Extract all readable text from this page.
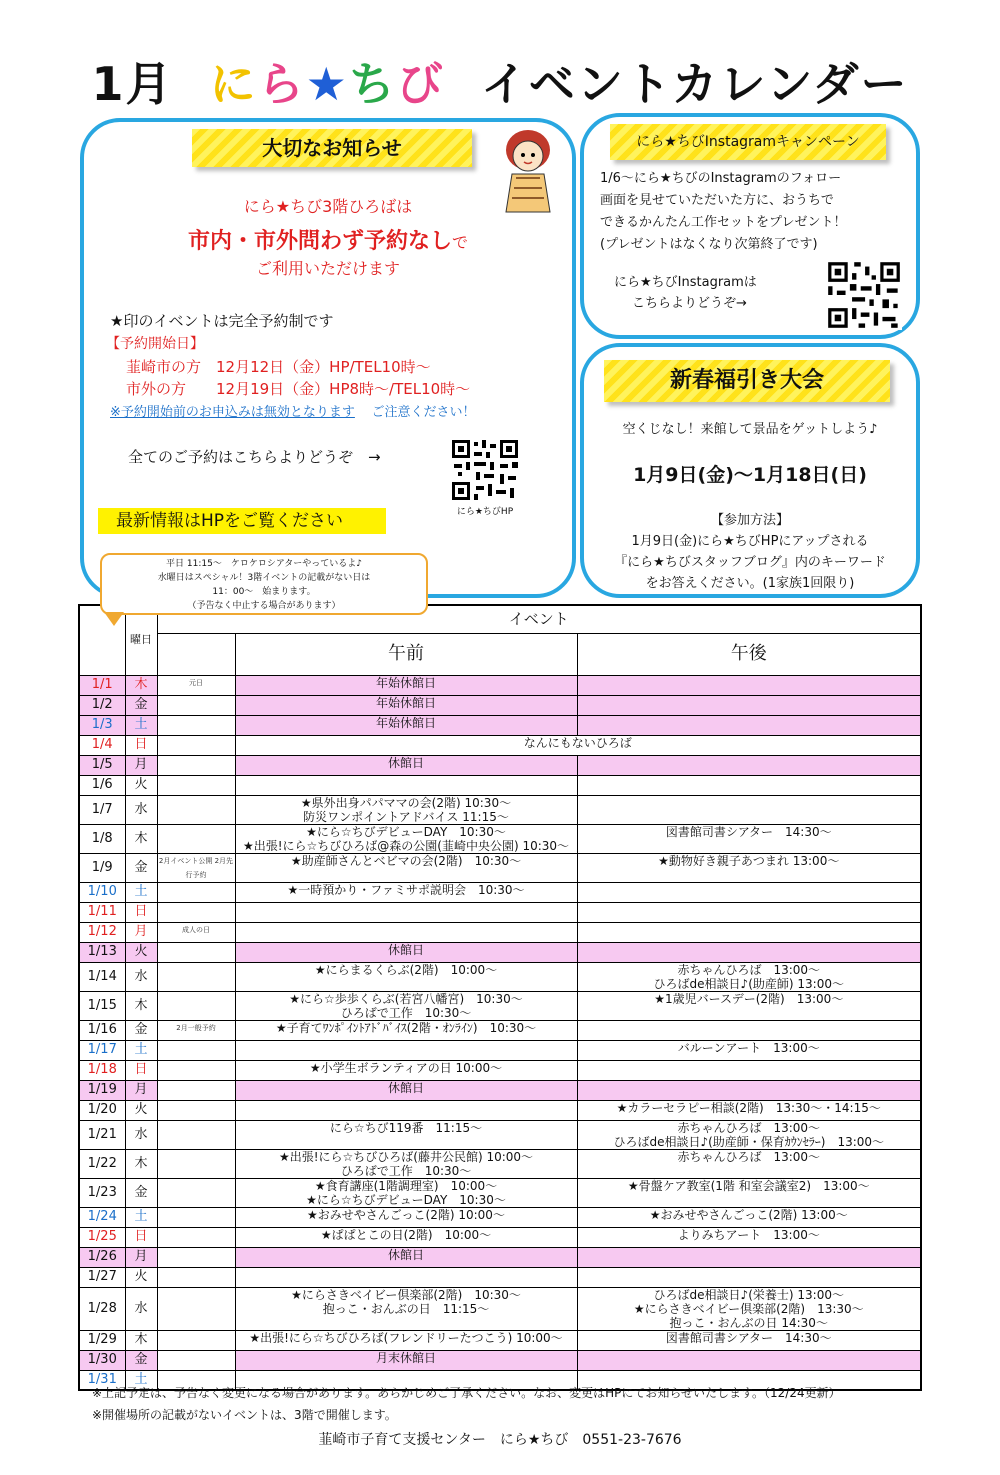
1月 にら★ちび イベントカレンダー
大切なお知らせ
にら★ちび3階ひろばは
市内・市外問わず予約なしで
ご利用いただけます
★印のイベントは完全予約制です
【予約開始日】
韮崎市の方　12月12日（金）HP/TEL10時～
市外の方　　12月19日（金）HP8時～/TEL10時～
※予約開始前のお申込みは無効となります ご注意ください！
全てのご予約はこちらよりどうぞ　→
にら★ちびHP
最新情報はHPをご覧ください
にら★ちびInstagramキャンペーン
1/6～にら★ちびのInstagramのフォロー
画面を見せていただいた方に、おうちで
できるかんたん工作セットをプレゼント！
(プレゼントはなくなり次第終了です)
にら★ちびInstagramは
こちらよりどうぞ→
新春福引き大会
空くじなし！来館して景品をゲットしよう♪
1月9日(金)～1月18日(日)
【参加方法】
1月9日(金)にら★ちびHPにアップされる
『にら★ちびスタッフブログ』内のキーワード
をお答えください。(1家族1回限り)
平日 11:15～　ケロケロシアターやっているよ♪
水曜日はスペシャル！3階イベントの記載がない日は
11：00～　始まります。
（予告なく中止する場合があります）
	曜日	イベント		
			午前	午後
1/1	木	元日	年始休館日	
1/2	金		年始休館日	
1/3	土		年始休館日	
1/4	日		なんにもないひろば	
1/5	月		休館日	
1/6	火			
1/7	水		★県外出身パパママの会(2階) 10:30～
防災ワンポイントアドバイス 11:15～	
1/8	木		★にら☆ちびデビューDAY　10:30～
★出張!にら☆ちびひろば@森の公園(韮崎中央公園) 10:30～	図書館司書シアター　14:30～
1/9	金	2月イベント公開 2月先行予約	★助産師さんとベビマの会(2階)　10:30～	★動物好き親子あつまれ 13:00～
1/10	土		★一時預かり・ファミサポ説明会　10:30～	
1/11	日			
1/12	月	成人の日		
1/13	火		休館日	
1/14	水		★にらまるくらぶ(2階)　10:00～	赤ちゃんひろば　13:00～
ひろばde相談日♪(助産師) 13:00～
1/15	木		★にら☆歩歩くらぶ(若宮八幡宮)　10:30～
ひろばで工作　10:30～	★1歳児バースデー(2階)　13:00～
1/16	金	2月一般予約	★子育てﾜﾝﾎﾟｲﾝﾄｱﾄﾞﾊﾞｲｽ(2階・ｵﾝﾗｲﾝ)　10:30～	
1/17	土			バルーンアート　13:00～
1/18	日		★小学生ボランティアの日 10:00～	
1/19	月		休館日	
1/20	火			★カラーセラピー相談(2階)　13:30～・14:15～
1/21	水		にら☆ちび119番　11:15～	赤ちゃんひろば　13:00～
ひろばde相談日♪(助産師・保育ｶｳﾝｾﾗｰ)　13:00～
1/22	木		★出張!にら☆ちびひろば(藤井公民館) 10:00～
ひろばで工作　10:30～	赤ちゃんひろば　13:00～
1/23	金		★食育講座(1階調理室)　10:00～
★にら☆ちびデビューDAY　10:30～	★骨盤ケア教室(1階 和室会議室2)　13:00～
1/24	土		★おみせやさんごっこ(2階) 10:00～	★おみせやさんごっこ(2階) 13:00～
1/25	日		★ぱぱとこの日(2階)　10:00～	よりみちアート　13:00～
1/26	月		休館日	
1/27	火			
1/28	水		★にらさきベイビー倶楽部(2階)　10:30～
抱っこ・おんぶの日　11:15～	ひろばde相談日♪(栄養士) 13:00～
★にらさきベイビー倶楽部(2階)　13:30～
抱っこ・おんぶの日 14:30～
1/29	木		★出張!にら☆ちびひろば(フレンドリーたつこう) 10:00～	図書館司書シアター　14:30～
1/30	金		月末休館日	
1/31	土			
※上記予定は、予告なく変更になる場合があります。あらかじめご了承ください。なお、変更はHPにてお知らせいたします。（12/24更新）
※開催場所の記載がないイベントは、3階で開催します。
韮崎市子育て支援センター　にら★ちび　0551-23-7676
